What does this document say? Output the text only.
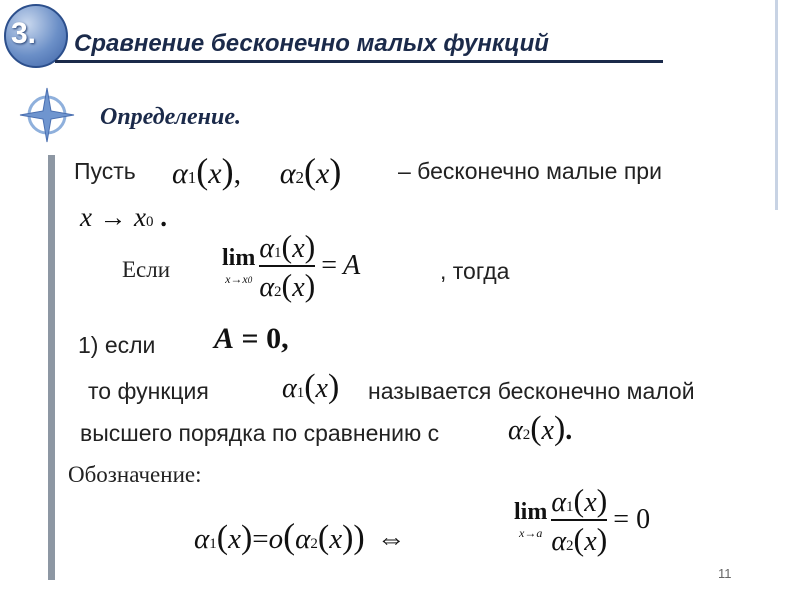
3. Сравнение бесконечно малых функций
Определение.
Пусть α1(x), α2(x) – бесконечно малые при
x → x0 .
Если lim
$x\to x0 \frac{\alpha 1(x)}{\alpha 2(x)} = A$	, тогда
1) если A = 0,
то функция	α1(x) называется бесконечно малой
высшего порядка по сравнению с α2(x).
Обозначение:
α1(x)=o(α2(x)) ⇔
lim
$x\to a \frac{\alpha 1(x)}{\alpha 2(x)} = 0$
11
